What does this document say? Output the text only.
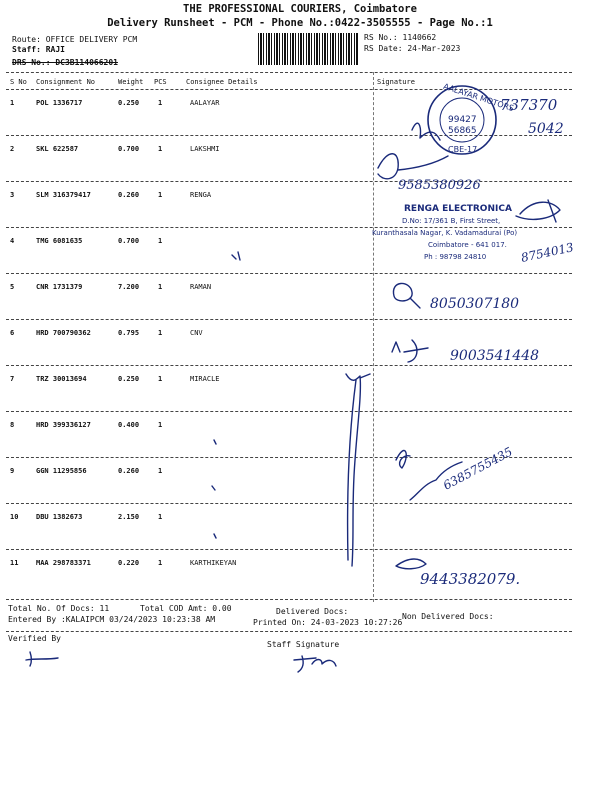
THE PROFESSIONAL COURIERS, Coimbatore
Delivery Runsheet - PCM - Phone No.:0422-3505555 - Page No.:1
Route: OFFICE DELIVERY PCM
Staff: RAJI
DRS No.: DC3B114066201
RS No.: 1140662
RS Date: 24-Mar-2023
S No Consignment No	Weight PCS	Consignee Details	Signature
1	POL 1336717	0.250	1	AALAYAR
2	SKL 622587	0.700	1	LAKSHMI
3	SLM 316379417	0.260	1	RENGA
4	TMG 6081635	0.700	1
5	CNR 1731379	7.200	1	RAMAN
6	HRD 700790362	0.795	1	CNV
7	TRZ 30013694	0.250	1	MIRACLE
8	HRD 399336127	0.400	1
9	GGN 11295856	0.260	1
10	DBU 1382673	2.150	1
11	MAA 298783371	0.220	1	KARTHIKEYAN
AALAYAR MOTORS
99427
56865
CBE-17
737370
5042
9585380926
RENGA ELECTRONICA
D.No: 17/361 B, First Street,
Kuranthasala Nagar, K. Vadamadurai (Po)
Coimbatore - 641 017.
Ph : 98798 24810	8754013
8050307180
9003541448
6385755435
9443382079.
Total No. Of Docs: 11	Total COD Amt: 0.00	Delivered Docs:
Non Delivered Docs:
Entered By :KALAIPCM 03/24/2023 10:23:38 AM	Printed On: 24-03-2023 10:27:26
Verified By
Staff Signature
